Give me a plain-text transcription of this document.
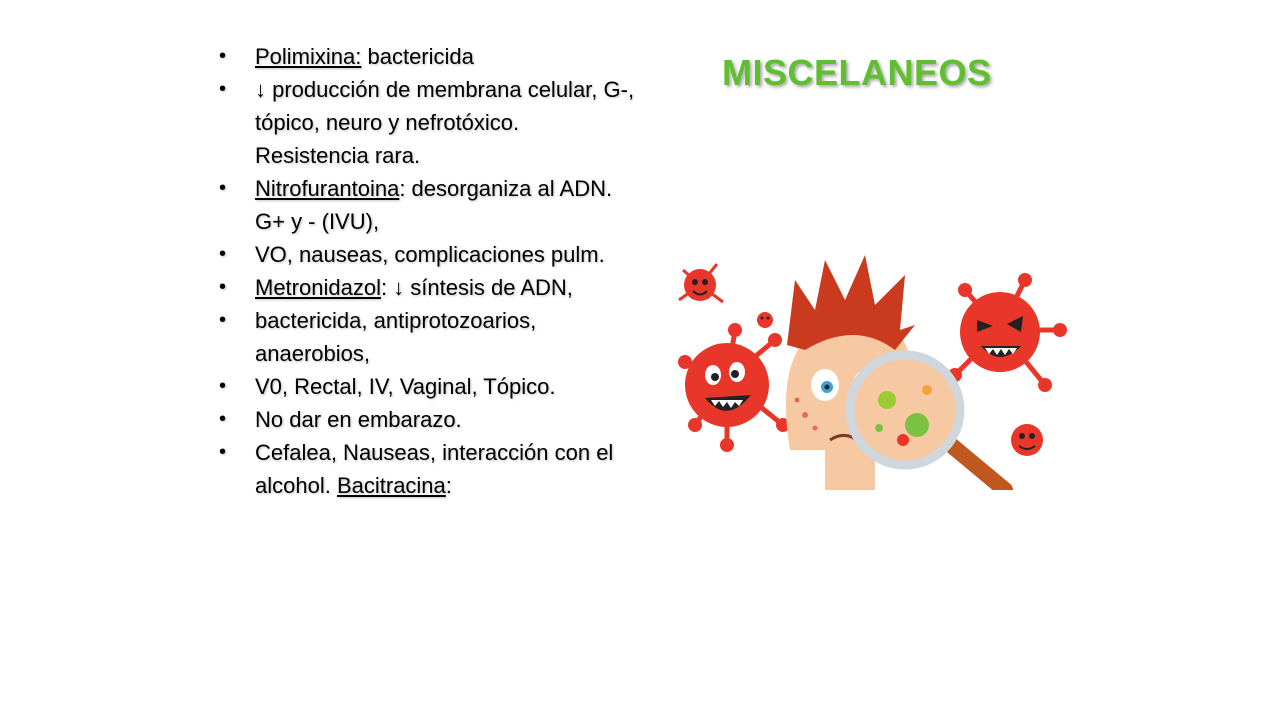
• Polimixina: bactericida
• ↓ producción de membrana celular, G-, tópico, neuro y nefrotóxico. Resistencia rara.
• Nitrofurantoina: desorganiza al ADN. G+ y - (IVU),
• VO, nauseas, complicaciones pulm.
• Metronidazol: ↓ síntesis de ADN,
• bactericida, antiprotozoarios, anaerobios,
• V0, Rectal, IV, Vaginal, Tópico.
• No dar en embarazo.
• Cefalea, Nauseas, interacción con el alcohol. Bacitracina:
MISCELANEOS
